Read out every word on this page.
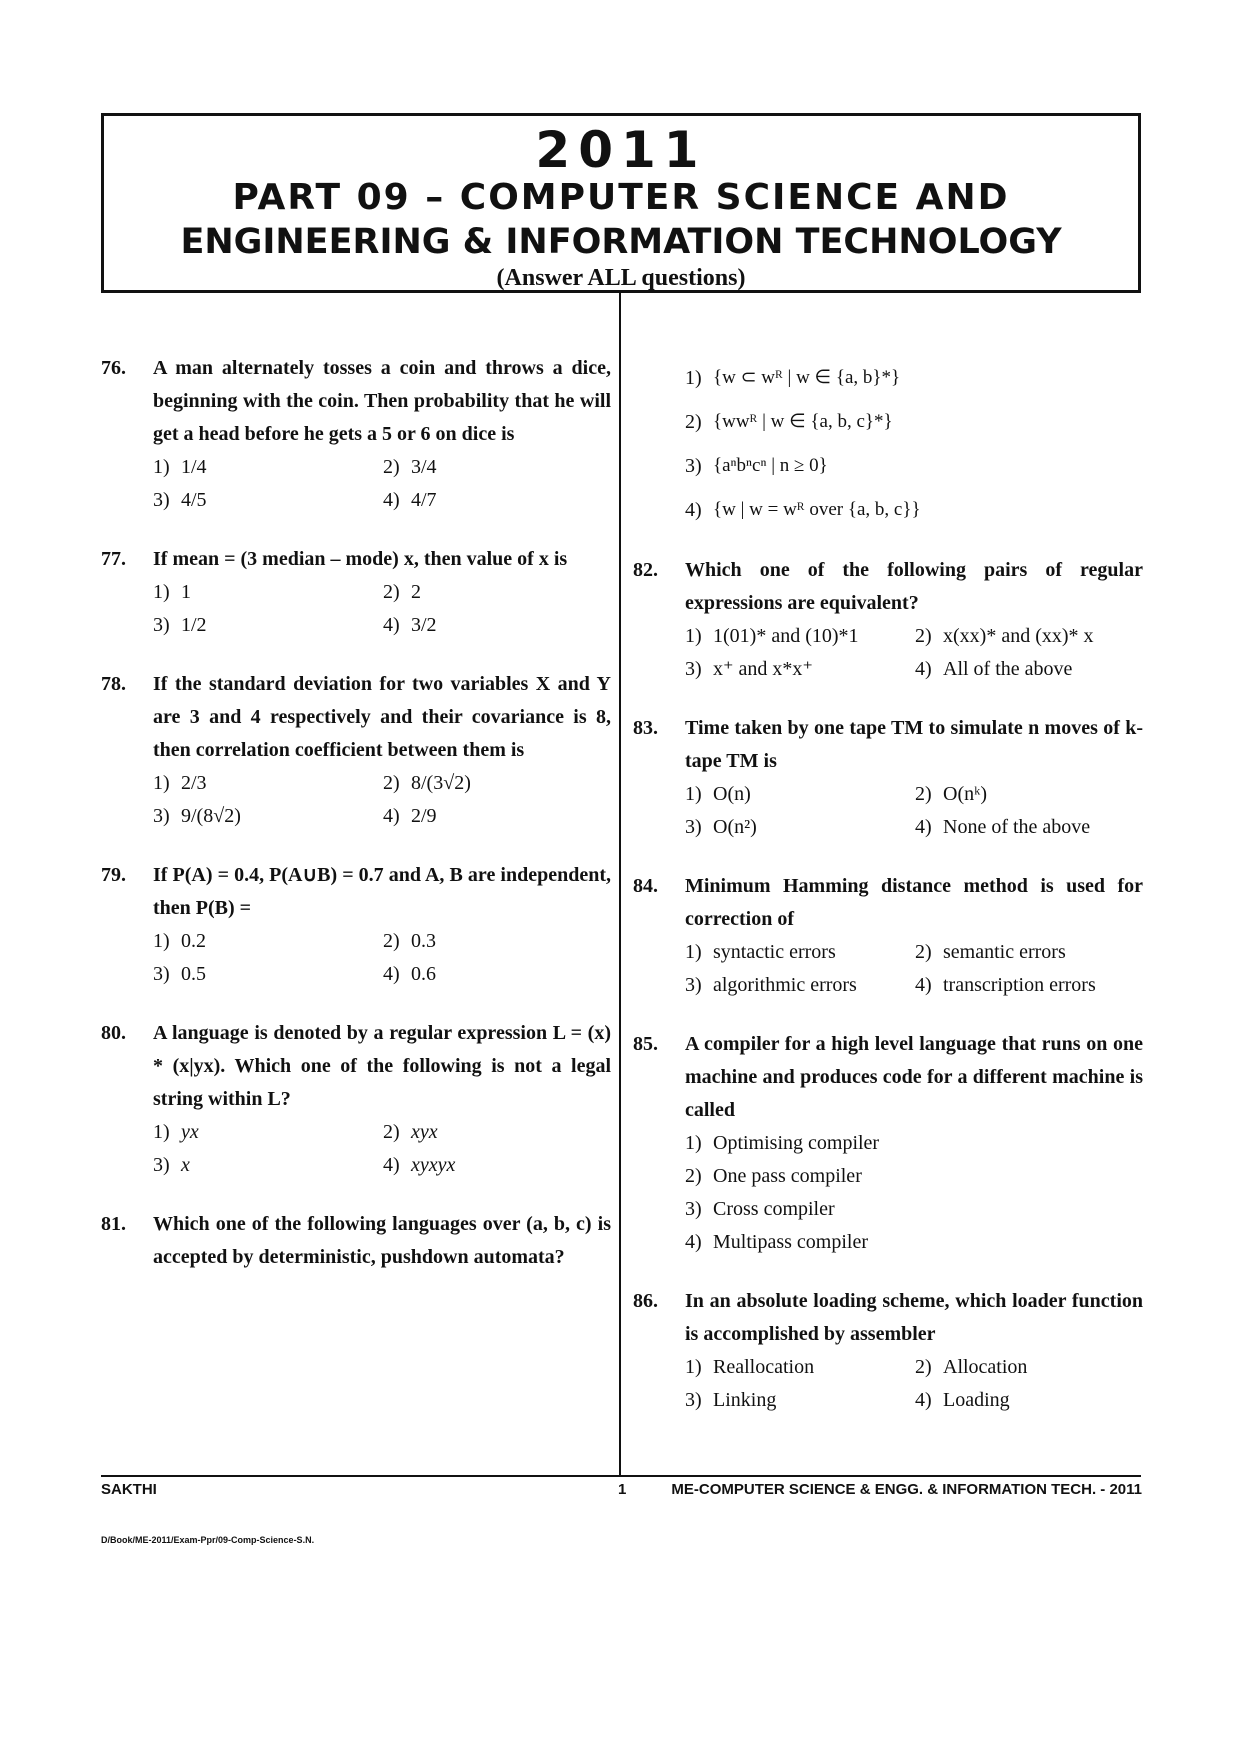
2011
PART 09 – COMPUTER SCIENCE AND
ENGINEERING & INFORMATION TECHNOLOGY
(Answer ALL questions)
76.	A man alternately tosses a coin and throws a dice, beginning with the coin. Then probability that he will get a head before he gets a 5 or 6 on dice is
1) 1/4	2) 3/4
3) 4/5	4) 4/7
77.	If mean = (3 median – mode) x, then value of x is
1) 1	2) 2
3) 1/2	4) 3/2
78.	If the standard deviation for two variables X and Y are 3 and 4 respectively and their covariance is 8, then correlation coefficient between them is
1) 2/3	2) 8/(3√2)
3) 9/(8√2)	4) 2/9
79.	If P(A) = 0.4, P(A∪B) = 0.7 and A, B are independent, then P(B) =
1) 0.2	2) 0.3
3) 0.5	4) 0.6
80.	A language is denoted by a regular expression L = (x) * (x|yx). Which one of the following is not a legal string within L?
1) yx	2) xyx
3) x	4) xyxyx
81.	Which one of the following languages over (a, b, c) is accepted by deterministic, pushdown automata?
1) {w ⊂ wᴿ | w ∈ {a, b}*}
2) {wwᴿ | w ∈ {a, b, c}*}
3) {aⁿbⁿcⁿ | n ≥ 0}
4) {w | w = wᴿ over {a, b, c}}
82.	Which one of the following pairs of regular expressions are equivalent?
1) 1(01)* and (10)*1	2) x(xx)* and (xx)* x
3) x⁺ and x*x⁺	4) All of the above
83.	Time taken by one tape TM to simulate n moves of k-tape TM is
1) O(n)	2) O(nᵏ)
3) O(n²)	4) None of the above
84.	Minimum Hamming distance method is used for correction of
1) syntactic errors	2) semantic errors
3) algorithmic errors	4) transcription errors
85.	A compiler for a high level language that runs on one machine and produces code for a different machine is called
1) Optimising compiler
2) One pass compiler
3) Cross compiler
4) Multipass compiler
86.	In an absolute loading scheme, which loader function is accomplished by assembler
1) Reallocation	2) Allocation
3) Linking	4) Loading
SAKTHI	1	ME-COMPUTER SCIENCE & ENGG. & INFORMATION TECH. - 2011
D/Book/ME-2011/Exam-Ppr/09-Comp-Science-S.N.
